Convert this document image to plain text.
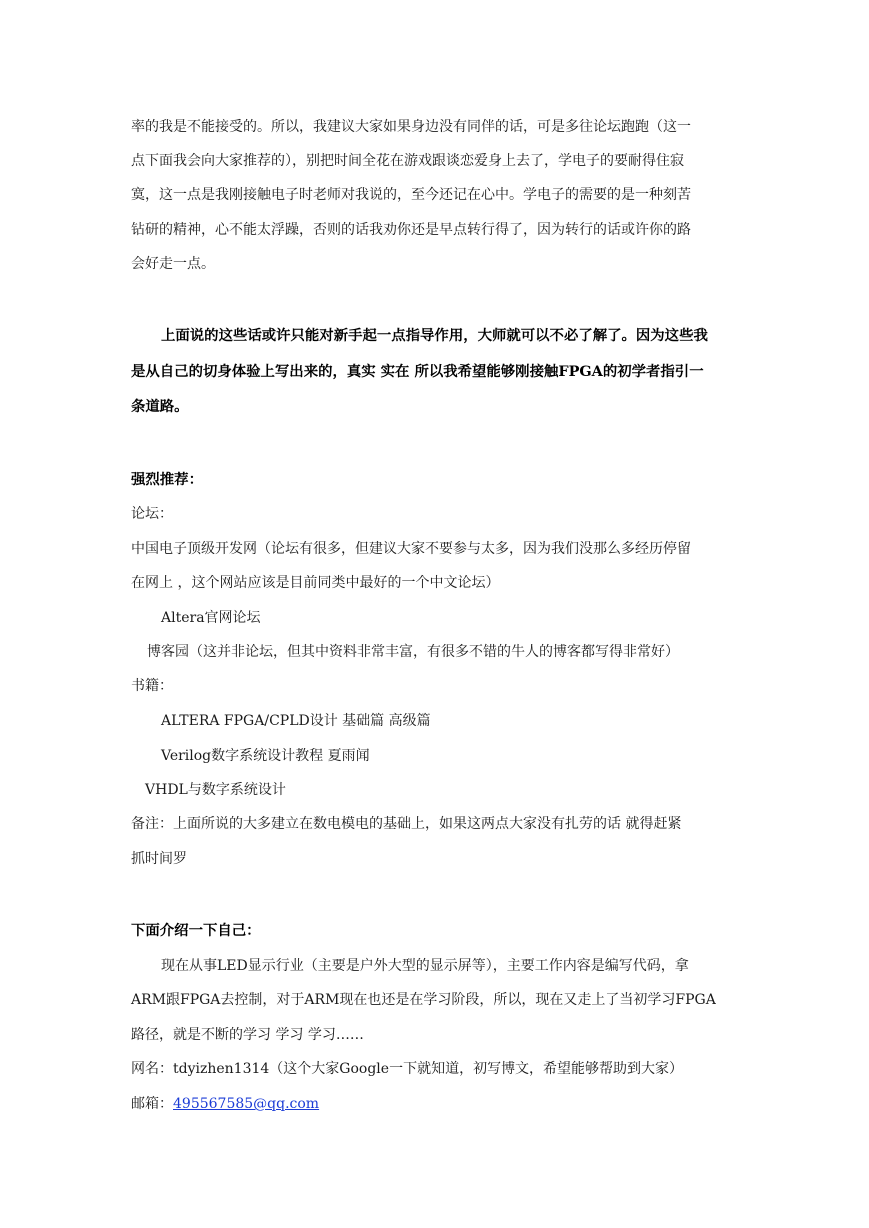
率的我是不能接受的。所以，我建议大家如果身边没有同伴的话，可是多往论坛跑跑（这一
点下面我会向大家推荐的），别把时间全花在游戏跟谈恋爱身上去了，学电子的要耐得住寂
寞，这一点是我刚接触电子时老师对我说的，至今还记在心中。学电子的需要的是一种刻苦
钻研的精神，心不能太浮躁，否则的话我劝你还是早点转行得了，因为转行的话或许你的路
会好走一点。
上面说的这些话或许只能对新手起一点指导作用，大师就可以不必了解了。因为这些我
是从自己的切身体验上写出来的，真实 实在 所以我希望能够刚接触FPGA的初学者指引一
条道路。
强烈推荐：
论坛：
中国电子顶级开发网（论坛有很多，但建议大家不要参与太多，因为我们没那么多经历停留
在网上 ，这个网站应该是目前同类中最好的一个中文论坛）
Altera官网论坛
博客园（这并非论坛，但其中资料非常丰富，有很多不错的牛人的博客都写得非常好）
书籍：
ALTERA FPGA/CPLD设计 基础篇 高级篇
Verilog数字系统设计教程 夏雨闻
VHDL与数字系统设计
备注：上面所说的大多建立在数电模电的基础上，如果这两点大家没有扎劳的话 就得赶紧
抓时间罗
下面介绍一下自己：
现在从事LED显示行业（主要是户外大型的显示屏等），主要工作内容是编写代码，拿
ARM跟FPGA去控制，对于ARM现在也还是在学习阶段，所以，现在又走上了当初学习FPGA
路径，就是不断的学习 学习 学习……
网名：tdyizhen1314（这个大家Google一下就知道，初写博文，希望能够帮助到大家）
邮箱：495567585@qq.com
